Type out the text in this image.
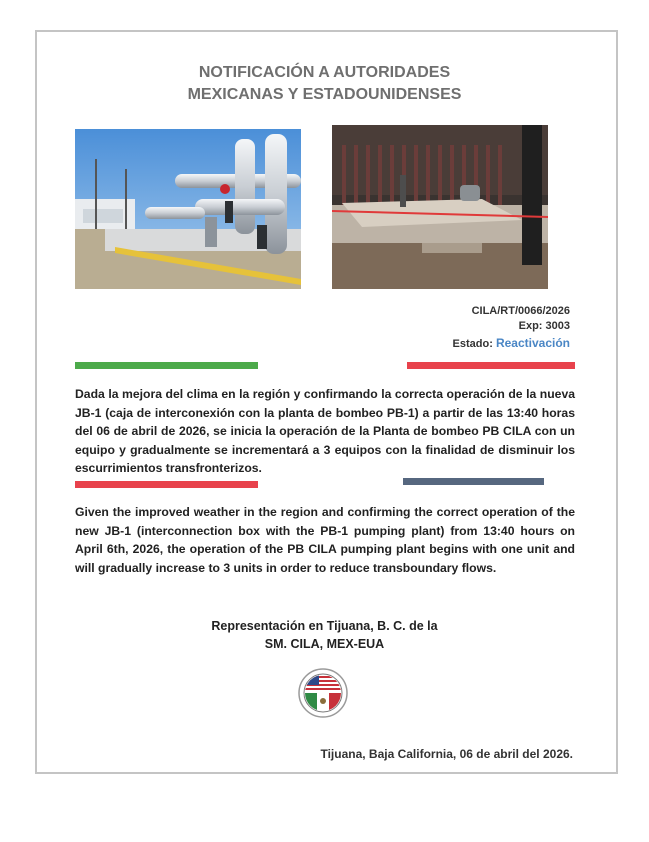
NOTIFICACIÓN A AUTORIDADES
MEXICANAS Y ESTADOUNIDENSES
CILA/RT/0066/2026
Exp: 3003
Estado: Reactivación
Dada la mejora del clima en la región y confirmando la correcta operación de la nueva JB-1 (caja de interconexión con la planta de bombeo PB-1) a partir de las 13:40 horas del 06 de abril de 2026, se inicia la operación de la Planta de bombeo PB CILA con un equipo y gradualmente se incrementará a 3 equipos con la finalidad de disminuir los escurrimientos transfronterizos.
Given the improved weather in the region and confirming the correct operation of the new JB-1 (interconnection box with the PB-1 pumping plant) from 13:40 hours on April 6th, 2026, the operation of the PB CILA pumping plant begins with one unit and will gradually increase to 3 units in order to reduce transboundary flows.
Representación en Tijuana, B. C. de la
SM. CILA, MEX-EUA
Tijuana, Baja California, 06 de abril del 2026.
